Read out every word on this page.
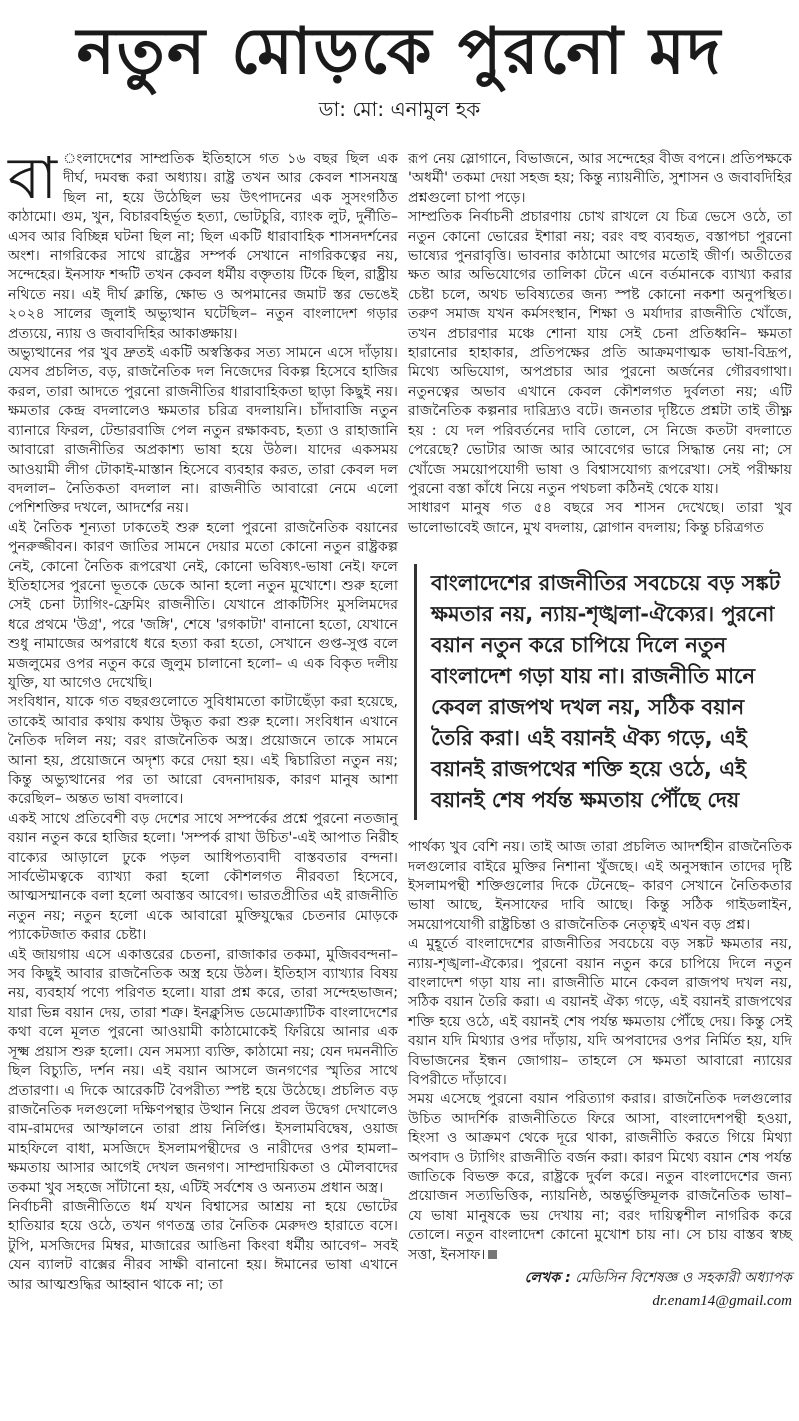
নতুন মোড়কে পুরনো মদ
ডা: মো: এনামুল হক

বা ংলাদেশের সাম্প্রতিক ইতিহাসে গত ১৬ বছর ছিল এক দীর্ঘ, দমবন্ধ করা অধ্যায়। রাষ্ট্র তখন আর কেবল শাসনযন্ত্র ছিল না, হয়ে উঠেছিল ভয় উৎপাদনের এক সুসংগঠিত কাঠামো। গুম, খুন, বিচারবহির্ভূত হত্যা, ভোটচুরি, ব্যাংক লুট, দুর্নীতি– এসব আর বিচ্ছিন্ন ঘটনা ছিল না; ছিল একটি ধারাবাহিক শাসনদর্শনের অংশ। নাগরিকের সাথে রাষ্ট্রের সম্পর্ক সেখানে নাগরিকত্বের নয়, সন্দেহের। ইনসাফ শব্দটি তখন কেবল ধর্মীয় বক্তৃতায় টিকে ছিল, রাষ্ট্রীয় নথিতে নয়। এই দীর্ঘ ক্লান্তি, ক্ষোভ ও অপমানের জমাট স্তর ভেঙেই ২০২৪ সালের জুলাই অভ্যুত্থান ঘটেছিল– নতুন বাংলাদেশ গড়ার প্রত্যয়ে, ন্যায় ও জবাবদিহির আকাঙ্ক্ষায়।

অভ্যুত্থানের পর খুব দ্রুতই একটি অস্বস্তিকর সত্য সামনে এসে দাঁড়ায়। যেসব প্রচলিত, বড়, রাজনৈতিক দল নিজেদের বিকল্প হিসেবে হাজির করল, তারা আদতে পুরনো রাজনীতির ধারাবাহিকতা ছাড়া কিছুই নয়। ক্ষমতার কেন্দ্র বদলালেও ক্ষমতার চরিত্র বদলায়নি। চাঁদাবাজি নতুন ব্যানারে ফিরল, টেন্ডারবাজি পেল নতুন রক্ষাকবচ, হত্যা ও রাহাজানি আবারো রাজনীতির অপ্রকাশ্য ভাষা হয়ে উঠল। যাদের একসময় আওয়ামী লীগ টোকাই-মাস্তান হিসেবে ব্যবহার করত, তারা কেবল দল বদলাল– নৈতিকতা বদলাল না। রাজনীতি আবারো নেমে এলো পেশিশক্তির দখলে, আদর্শের নয়।

এই নৈতিক শূন্যতা ঢাকতেই শুরু হলো পুরনো রাজনৈতিক বয়ানের পুনরুজ্জীবন। কারণ জাতির সামনে দেয়ার মতো কোনো নতুন রাষ্ট্রকল্প নেই, কোনো নৈতিক রূপরেখা নেই, কোনো ভবিষ্যৎ-ভাষা নেই। ফলে ইতিহাসের পুরনো ভূতকে ডেকে আনা হলো নতুন মুখোশে। শুরু হলো সেই চেনা ট্যাগিং-ফ্রেমিং রাজনীতি। যেখানে প্রাকটিসিং মুসলিমদের ধরে প্রথমে 'উগ্র', পরে 'জঙ্গি', শেষে 'রগকাটা' বানানো হতো, যেখানে শুধু নামাজের অপরাধে ধরে হত্যা করা হতো, সেখানে গুপ্ত-সুপ্ত বলে মজলুমের ওপর নতুন করে জুলুম চালানো হলো– এ এক বিকৃত দলীয় যুক্তি, যা আগেও দেখেছি।

সংবিধান, যাকে গত বছরগুলোতে সুবিধামতো কাটাছেঁড়া করা হয়েছে, তাকেই আবার কথায় কথায় উদ্ধৃত করা শুরু হলো। সংবিধান এখানে নৈতিক দলিল নয়; বরং রাজনৈতিক অস্ত্র। প্রয়োজনে তাকে সামনে আনা হয়, প্রয়োজনে অদৃশ্য করে দেয়া হয়। এই দ্বিচারিতা নতুন নয়; কিন্তু অভ্যুত্থানের পর তা আরো বেদনাদায়ক, কারণ মানুষ আশা করেছিল– অন্তত ভাষা বদলাবে।

একই সাথে প্রতিবেশী বড় দেশের সাথে সম্পর্কের প্রশ্নে পুরনো নতজানু বয়ান নতুন করে হাজির হলো। 'সম্পর্ক রাখা উচিত'-এই আপাত নিরীহ বাক্যের আড়ালে ঢুকে পড়ল আধিপত্যবাদী বাস্তবতার বন্দনা। সার্বভৌমত্বকে ব্যাখ্যা করা হলো কৌশলগত নীরবতা হিসেবে, আত্মসম্মানকে বলা হলো অবাস্তব আবেগ। ভারতপ্রীতির এই রাজনীতি নতুন নয়; নতুন হলো একে আবারো মুক্তিযুদ্ধের চেতনার মোড়কে প্যাকেটজাত করার চেষ্টা।

এই জায়গায় এসে একাত্তরের চেতনা, রাজাকার তকমা, মুজিববন্দনা– সব কিছুই আবার রাজনৈতিক অস্ত্র হয়ে উঠল। ইতিহাস ব্যাখ্যার বিষয় নয়, ব্যবহার্য পণ্যে পরিণত হলো। যারা প্রশ্ন করে, তারা সন্দেহভাজন; যারা ভিন্ন বয়ান দেয়, তারা শত্রু। ইনক্লুসিভ ডেমোক্র্যাটিক বাংলাদেশের কথা বলে মূলত পুরনো আওয়ামী কাঠামোকেই ফিরিয়ে আনার এক সূক্ষ্ম প্রয়াস শুরু হলো। যেন সমস্যা ব্যক্তি, কাঠামো নয়; যেন দমননীতি ছিল বিচ্যুতি, দর্শন নয়। এই বয়ান আসলে জনগণের স্মৃতির সাথে প্রতারণা। এ দিকে আরেকটি বৈপরীত্য স্পষ্ট হয়ে উঠেছে। প্রচলিত বড় রাজনৈতিক দলগুলো দক্ষিণপন্থার উত্থান নিয়ে প্রবল উদ্বেগ দেখালেও বাম-রামদের আস্ফালনে তারা প্রায় নির্লিপ্ত। ইসলামবিদ্বেষ, ওয়াজ মাহফিলে বাধা, মসজিদে ইসলামপন্থীদের ও নারীদের ওপর হামলা– ক্ষমতায় আসার আগেই দেখল জনগণ। সাম্প্রদায়িকতা ও মৌলবাদের তকমা খুব সহজে সাঁটানো হয়, এটিই সর্বশেষ ও অন্যতম প্রধান অস্ত্র।

নির্বাচনী রাজনীতিতে ধর্ম যখন বিশ্বাসের আশ্রয় না হয়ে ভোটের হাতিয়ার হয়ে ওঠে, তখন গণতন্ত্র তার নৈতিক মেরুদণ্ড হারাতে বসে। টুপি, মসজিদের মিম্বর, মাজারের আঙিনা কিংবা ধর্মীয় আবেগ– সবই যেন ব্যালট বাক্সের নীরব সাক্ষী বানানো হয়। ঈমানের ভাষা এখানে আর আত্মশুদ্ধির আহ্বান থাকে না; তা

রূপ নেয় স্লোগানে, বিভাজনে, আর সন্দেহের বীজ বপনে। প্রতিপক্ষকে 'অধর্মী' তকমা দেয়া সহজ হয়; কিন্তু ন্যায়নীতি, সুশাসন ও জবাবদিহির প্রশ্নগুলো চাপা পড়ে।

সাম্প্রতিক নির্বাচনী প্রচারণায় চোখ রাখলে যে চিত্র ভেসে ওঠে, তা নতুন কোনো ভোরের ইশারা নয়; বরং বহু ব্যবহৃত, বস্তাপচা পুরনো ভাষ্যের পুনরাবৃত্তি। ভাবনার কাঠামো আগের মতোই জীর্ণ। অতীতের ক্ষত আর অভিযোগের তালিকা টেনে এনে বর্তমানকে ব্যাখ্যা করার চেষ্টা চলে, অথচ ভবিষ্যতের জন্য স্পষ্ট কোনো নকশা অনুপস্থিত। তরুণ সমাজ যখন কর্মসংস্থান, শিক্ষা ও মর্যাদার রাজনীতি খোঁজে, তখন প্রচারণার মঞ্চে শোনা যায় সেই চেনা প্রতিধ্বনি– ক্ষমতা হারানোর হাহাকার, প্রতিপক্ষের প্রতি আক্রমণাত্মক ভাষা-বিদ্রূপ, মিথ্যে অভিযোগ, অপপ্রচার আর পুরনো অর্জনের গৌরবগাথা। নতুনত্বের অভাব এখানে কেবল কৌশলগত দুর্বলতা নয়; এটি রাজনৈতিক কল্পনার দারিদ্র্যও বটে। জনতার দৃষ্টিতে প্রশ্নটা তাই তীক্ষ্ণ হয় : যে দল পরিবর্তনের দাবি তোলে, সে নিজে কতটা বদলাতে পেরেছে? ভোটার আজ আর আবেগের ভারে সিদ্ধান্ত নেয় না; সে খোঁজে সময়োপযোগী ভাষা ও বিশ্বাসযোগ্য রূপরেখা। সেই পরীক্ষায় পুরনো বস্তা কাঁধে নিয়ে নতুন পথচলা কঠিনই থেকে যায়।

সাধারণ মানুষ গত ৫৪ বছরে সব শাসন দেখেছে। তারা খুব ভালোভাবেই জানে, মুখ বদলায়, স্লোগান বদলায়; কিন্তু চরিত্রগত

বাংলাদেশের রাজনীতির সবচেয়ে বড় সঙ্কট ক্ষমতার নয়, ন্যায়-শৃঙ্খলা-ঐক্যের। পুরনো বয়ান নতুন করে চাপিয়ে দিলে নতুন বাংলাদেশ গড়া যায় না। রাজনীতি মানে কেবল রাজপথ দখল নয়, সঠিক বয়ান তৈরি করা। এই বয়ানই ঐক্য গড়ে, এই বয়ানই রাজপথের শক্তি হয়ে ওঠে, এই বয়ানই শেষ পর্যন্ত ক্ষমতায় পৌঁছে দেয়

পার্থক্য খুব বেশি নয়। তাই আজ তারা প্রচলিত আদর্শহীন রাজনৈতিক দলগুলোর বাইরে মুক্তির নিশানা খুঁজছে। এই অনুসন্ধান তাদের দৃষ্টি ইসলামপন্থী শক্তিগুলোর দিকে টেনেছে– কারণ সেখানে নৈতিকতার ভাষা আছে, ইনসাফের দাবি আছে। কিন্তু সঠিক গাইডলাইন, সময়োপযোগী রাষ্ট্রচিন্তা ও রাজনৈতিক নেতৃত্বই এখন বড় প্রশ্ন।

এ মুহূর্তে বাংলাদেশের রাজনীতির সবচেয়ে বড় সঙ্কট ক্ষমতার নয়, ন্যায়-শৃঙ্খলা-ঐক্যের। পুরনো বয়ান নতুন করে চাপিয়ে দিলে নতুন বাংলাদেশ গড়া যায় না। রাজনীতি মানে কেবল রাজপথ দখল নয়, সঠিক বয়ান তৈরি করা। এ বয়ানই ঐক্য গড়ে, এই বয়ানই রাজপথের শক্তি হয়ে ওঠে, এই বয়ানই শেষ পর্যন্ত ক্ষমতায় পৌঁছে দেয়। কিন্তু সেই বয়ান যদি মিথ্যার ওপর দাঁড়ায়, যদি অপবাদের ওপর নির্মিত হয়, যদি বিভাজনের ইন্ধন জোগায়– তাহলে সে ক্ষমতা আবারো ন্যায়ের বিপরীতে দাঁড়াবে।

সময় এসেছে পুরনো বয়ান পরিত্যাগ করার। রাজনৈতিক দলগুলোর উচিত আদর্শিক রাজনীতিতে ফিরে আসা, বাংলাদেশপন্থী হওয়া, হিংসা ও আক্রমণ থেকে দূরে থাকা, রাজনীতি করতে গিয়ে মিথ্যা অপবাদ ও ট্যাগিং রাজনীতি বর্জন করা। কারণ মিথ্যে বয়ান শেষ পর্যন্ত জাতিকে বিভক্ত করে, রাষ্ট্রকে দুর্বল করে। নতুন বাংলাদেশের জন্য প্রয়োজন সত্যভিত্তিক, ন্যায়নিষ্ঠ, অন্তর্ভুক্তিমূলক রাজনৈতিক ভাষা– যে ভাষা মানুষকে ভয় দেখায় না; বরং দায়িত্বশীল নাগরিক করে তোলে। নতুন বাংলাদেশ কোনো মুখোশ চায় না। সে চায় বাস্তব স্বচ্ছ সত্তা, ইনসাফ।

লেখক : মেডিসিন বিশেষজ্ঞ ও সহকারী অধ্যাপক
dr.enam14@gmail.com
